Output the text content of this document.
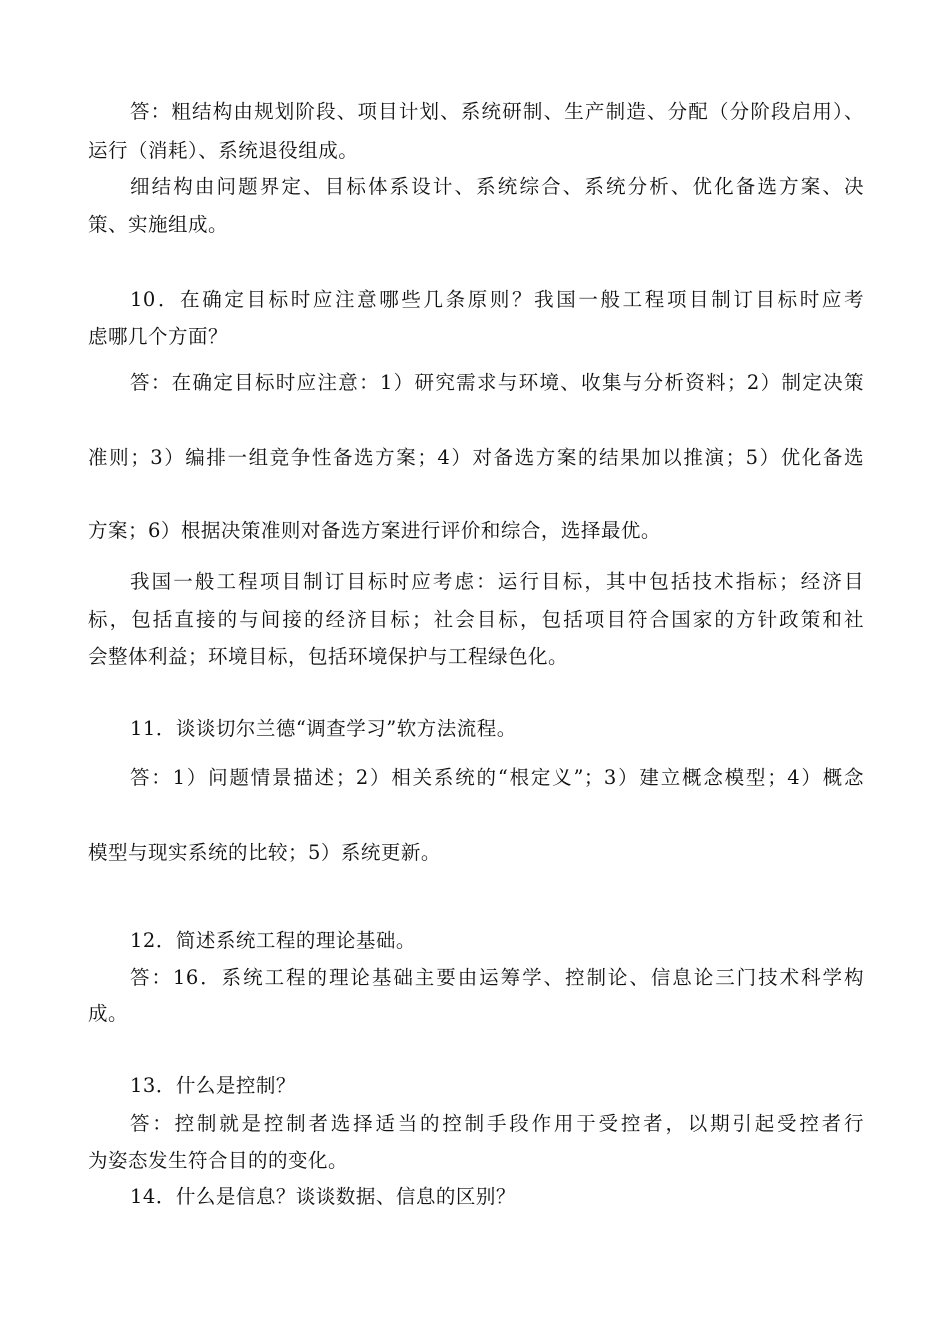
答：粗结构由规划阶段、项目计划、系统研制、生产制造、分配（分阶段启用）、
运行（消耗）、系统退役组成。
细结构由问题界定、目标体系设计、系统综合、系统分析、优化备选方案、决
策、实施组成。
10．在确定目标时应注意哪些几条原则？我国一般工程项目制订目标时应考
虑哪几个方面？
答：在确定目标时应注意：1）研究需求与环境、收集与分析资料；2）制定决策
准则；3）编排一组竞争性备选方案；4）对备选方案的结果加以推演；5）优化备选
方案；6）根据决策准则对备选方案进行评价和综合，选择最优。
我国一般工程项目制订目标时应考虑：运行目标，其中包括技术指标；经济目
标，包括直接的与间接的经济目标；社会目标，包括项目符合国家的方针政策和社
会整体利益；环境目标，包括环境保护与工程绿色化。
11．谈谈切尔兰德“调查学习”软方法流程。
答：1）问题情景描述；2）相关系统的“根定义”；3）建立概念模型；4）概念
模型与现实系统的比较；5）系统更新。
12．简述系统工程的理论基础。
答：16．系统工程的理论基础主要由运筹学、控制论、信息论三门技术科学构
成。
13．什么是控制？
答：控制就是控制者选择适当的控制手段作用于受控者，以期引起受控者行
为姿态发生符合目的的变化。
14．什么是信息？谈谈数据、信息的区别？
